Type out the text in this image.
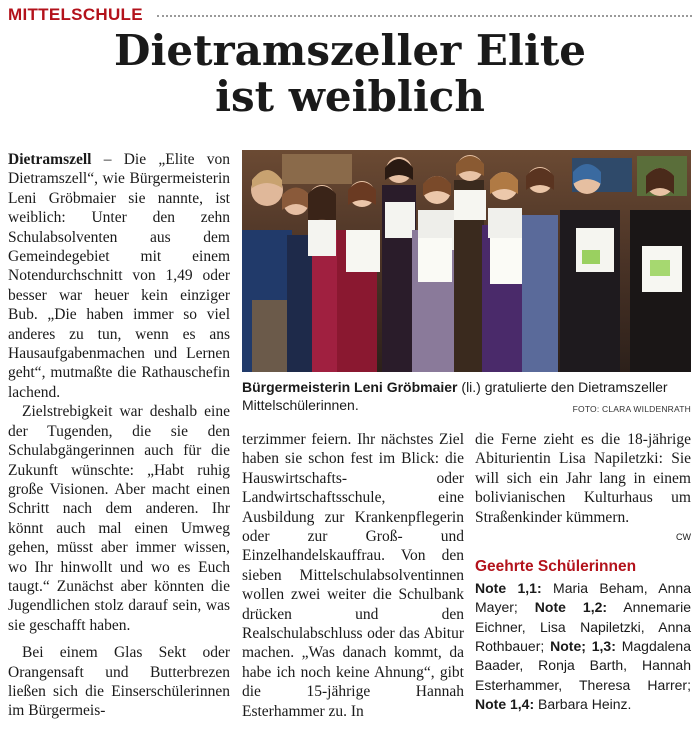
MITTELSCHULE
Dietramszeller Elite
ist weiblich

Dietramszell – Die „Elite von Dietramszell“, wie Bürgermeisterin Leni Gröbmaier sie nannte, ist weiblich: Unter den zehn Schulabsolventen aus dem Gemeindegebiet mit einem Notendurchschnitt von 1,49 oder besser war heuer kein einziger Bub. „Die haben immer so viel anderes zu tun, wenn es ans Hausaufgabenmachen und Lernen geht“, mutmaßte die Rathauschefin lachend.

Zielstrebigkeit war deshalb eine der Tugenden, die sie den Schulabgängerinnen auch für die Zukunft wünschte: „Habt ruhig große Visionen. Aber macht einen Schritt nach dem anderen. Ihr könnt auch mal einen Umweg gehen, müsst aber immer wissen, wo Ihr hinwollt und wo es Euch taugt.“ Zunächst aber könnten die Jugendlichen stolz darauf sein, was sie geschafft haben.

Bei einem Glas Sekt oder Orangensaft und Butterbrezen ließen sich die Einserschülerinnen im Bürgermeis-

Bürgermeisterin Leni Gröbmaier (li.) gratulierte den Dietramszeller Mittelschülerinnen.	FOTO: CLARA WILDENRATH

terzimmer feiern. Ihr nächstes Ziel haben sie schon fest im Blick: die Hauswirtschafts- oder Landwirtschaftsschule, eine Ausbildung zur Krankenpflegerin oder zur Groß- und Einzelhandelskauffrau. Von den sieben Mittelschulabsolventinnen wollen zwei weiter die Schulbank drücken und den Realschulabschluss oder das Abitur machen. „Was danach kommt, da habe ich noch keine Ahnung“, gibt die 15-jährige Hannah Esterhammer zu. In

die Ferne zieht es die 18-jährige Abiturientin Lisa Napiletzki: Sie will sich ein Jahr lang in einem bolivianischen Kulturhaus um Straßenkinder kümmern.

CW
Geehrte Schülerinnen
Note 1,1: Maria Beham, Anna Mayer; Note 1,2: Annemarie Eichner, Lisa Napiletzki, Anna Rothbauer; Note; 1,3: Magdalena Baader, Ronja Barth, Hannah Esterhammer, Theresa Harrer; Note 1,4: Barbara Heinz.
